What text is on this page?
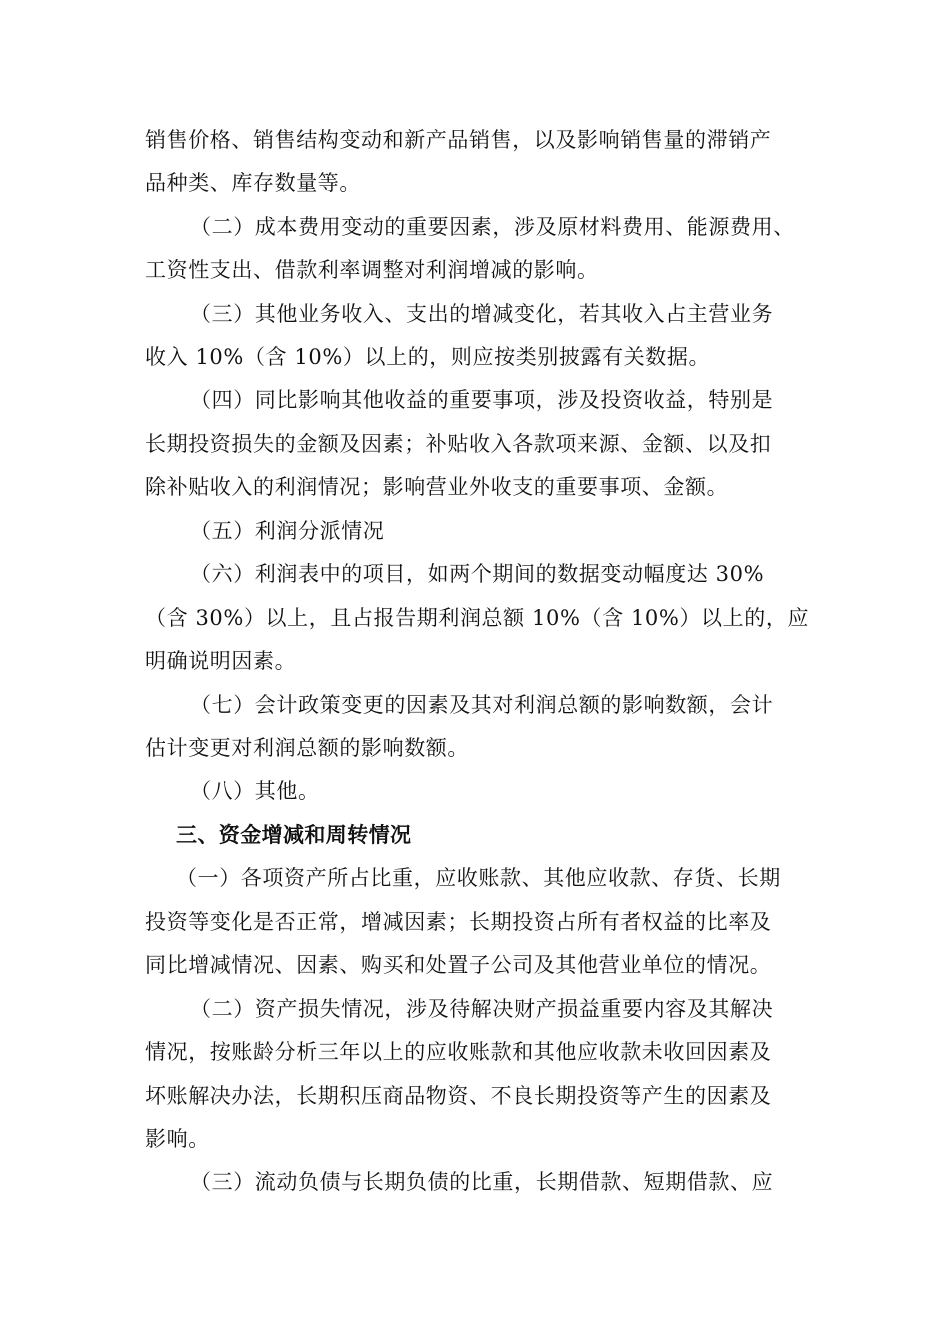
销售价格、销售结构变动和新产品销售，以及影响销售量的滞销产
品种类、库存数量等。
（二）成本费用变动的重要因素，涉及原材料费用、能源费用、
工资性支出、借款利率调整对利润增减的影响。
（三）其他业务收入、支出的增减变化，若其收入占主营业务
收入 10%（含 10%）以上的，则应按类别披露有关数据。
（四）同比影响其他收益的重要事项，涉及投资收益，特别是
长期投资损失的金额及因素；补贴收入各款项来源、金额、以及扣
除补贴收入的利润情况；影响营业外收支的重要事项、金额。
（五）利润分派情况
（六）利润表中的项目，如两个期间的数据变动幅度达 30%
（含 30%）以上，且占报告期利润总额 10%（含 10%）以上的，应
明确说明因素。
（七）会计政策变更的因素及其对利润总额的影响数额，会计
估计变更对利润总额的影响数额。
（八）其他。
三、资金增减和周转情况
（一）各项资产所占比重，应收账款、其他应收款、存货、长期
投资等变化是否正常，增减因素；长期投资占所有者权益的比率及
同比增减情况、因素、购买和处置子公司及其他营业单位的情况。
（二）资产损失情况，涉及待解决财产损益重要内容及其解决
情况，按账龄分析三年以上的应收账款和其他应收款未收回因素及
坏账解决办法，长期积压商品物资、不良长期投资等产生的因素及
影响。
（三）流动负债与长期负债的比重，长期借款、短期借款、应
